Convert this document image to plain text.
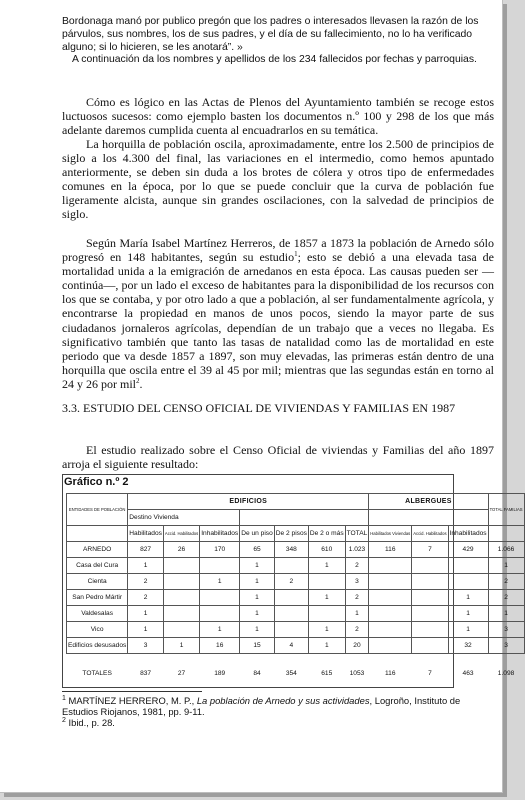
Bordonaga manó por publico pregón que los padres o interesados llevasen la razón de los párvulos, sus nombres, los de sus padres, y el día de su fallecimiento, no lo ha verificado alguno; si lo hicieren, se les anotará”. »

A continuación da los nombres y apellidos de los 234 fallecidos por fechas y parroquias.

Cómo es lógico en las Actas de Plenos del Ayuntamiento también se recoge estos luctuosos sucesos: como ejemplo basten los documentos n.º 100 y 298 de los que más adelante daremos cumplida cuenta al encuadrarlos en su temática.

La horquilla de población oscila, aproximadamente, entre los 2.500 de principios de siglo a los 4.300 del final, las variaciones en el intermedio, como hemos apuntado anteriormente, se deben sin duda a los brotes de cólera y otros tipo de enfermedades comunes en la época, por lo que se puede concluir que la curva de población fue ligeramente alcista, aunque sin grandes oscilaciones, con la salvedad de principios de siglo.

Según María Isabel Martínez Herreros, de 1857 a 1873 la población de Arnedo sólo progresó en 148 habitantes, según su estudio$^1$; esto se debió a una elevada tasa de mortalidad unida a la emigración de arnedanos en esta época. Las causas pueden ser —continúa—, por un lado el exceso de habitantes para la disponibilidad de los recursos con los que se contaba, y por otro lado a que a población, al ser fundamentalmente agrícola, y encontrarse la propiedad en manos de unos pocos, siendo la mayor parte de sus ciudadanos jornaleros agrícolas, dependían de un trabajo que a veces no llegaba. Es significativo también que tanto las tasas de natalidad como las de mortalidad en este periodo que va desde 1857 a 1897, son muy elevadas, las primeras están dentro de una horquilla que oscila entre el 39 al 45 por mil; mientras que las segundas están en torno al 24 y 26 por mil$^2$.

3.3. ESTUDIO DEL CENSO OFICIAL DE VIVIENDAS Y FAMILIAS EN 1987

El estudio realizado sobre el Censo Oficial de viviendas y Familias del año 1897 arroja el siguiente resultado:

Gráfico n.º 2
ENTIDADES DE POBLACIÓN	EDIFICIOS							ALBERGUES			TOTAL FAMILIAS
	Destino Vivienda										
	Habilitados	Accid. Habilitados	Inhabilitados	De un piso	De 2 pisos	De 2 o más	TOTAL	Habilitados Viviendas	Accid. Habilitados	Inhabilitados	
ARNEDO	827	26	170	65	348	610	1.023	116	7	429	1.066
Casa del Cura	1			1		1	2				1
Cienta	2		1	1	2		3				2
San Pedro Mártir	2			1		1	2			1	2
Valdesalas	1			1			1			1	1
Vico	1		1	1		1	2			1	3
Edificios desusados	3	1	16	15	4	1	20			32	3

TOTALES	837	27	189	84	354	615	1053	116	7	463	1.098
$^1$ MARTÍNEZ HERRERO, M. P., La población de Arnedo y sus actividades, Logroño, Instituto de Estudios Riojanos, 1981, pp. 9-11.
$^2$ Ibid., p. 28.
